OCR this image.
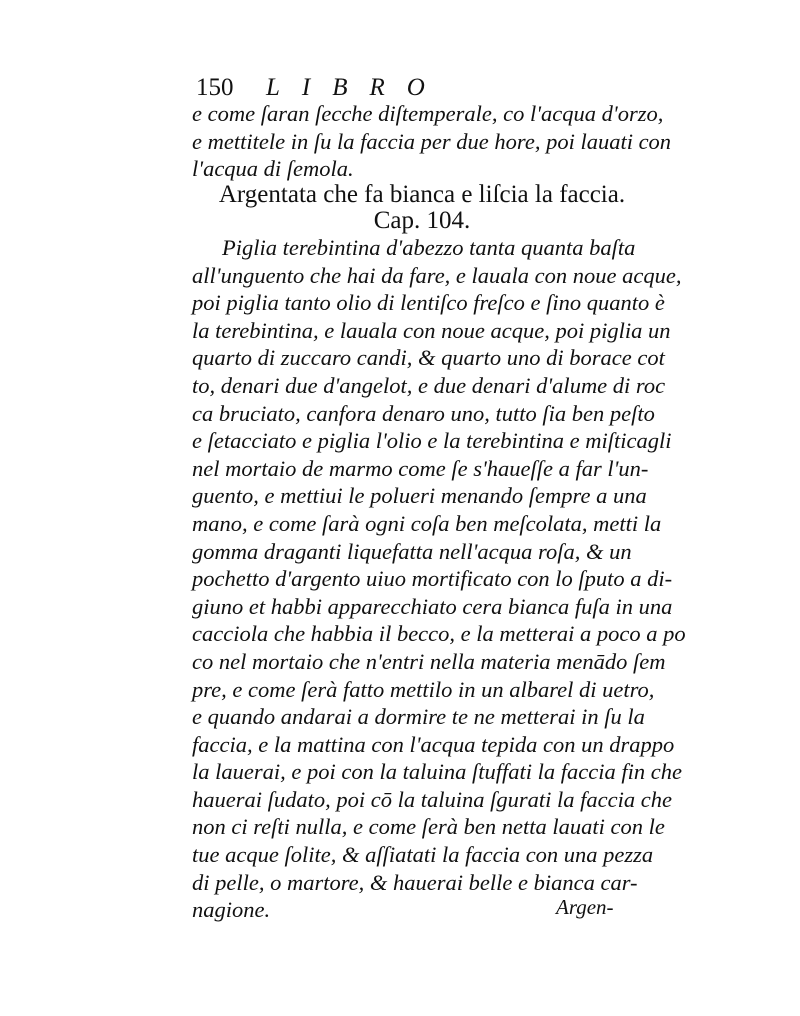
150 LIBRO
e come ſaran ſecche diſtemperale, co l'acqua d'orzo,
e mettitele in ſu la faccia per due hore, poi lauati con
l'acqua di ſemola.
Argentata che fa bianca e liſcia la faccia.
Cap. 104.
Piglia terebintina d'abezzo tanta quanta baſta
all'unguento che hai da fare, e lauala con noue acque,
poi piglia tanto olio di lentiſco freſco e ſino quanto è
la terebintina, e lauala con noue acque, poi piglia un
quarto di zuccaro candi, & quarto uno di borace cot
to, denari due d'angelot, e due denari d'alume di roc
ca bruciato, canfora denaro uno, tutto ſia ben peſto
e ſetacciato e piglia l'olio e la terebintina e miſticagli
nel mortaio de marmo come ſe s'haueſſe a far l'un-
guento, e mettiui le polueri menando ſempre a una
mano, e come ſarà ogni coſa ben meſcolata, metti la
gomma draganti liquefatta nell'acqua roſa, & un
pochetto d'argento uiuo mortificato con lo ſputo a di-
giuno et habbi apparecchiato cera bianca fuſa in una
cacciola che habbia il becco, e la metterai a poco a po
co nel mortaio che n'entri nella materia menādo ſem
pre, e come ſerà fatto mettilo in un albarel di uetro,
e quando andarai a dormire te ne metterai in ſu la
faccia, e la mattina con l'acqua tepida con un drappo
la lauerai, e poi con la taluina ſtuffati la faccia fin che
hauerai ſudato, poi cō la taluina ſgurati la faccia che
non ci reſti nulla, e come ſerà ben netta lauati con le
tue acque ſolite, & aſſiatati la faccia con una pezza
di pelle, o martore, & hauerai belle e bianca car-
nagione.	Argen-
